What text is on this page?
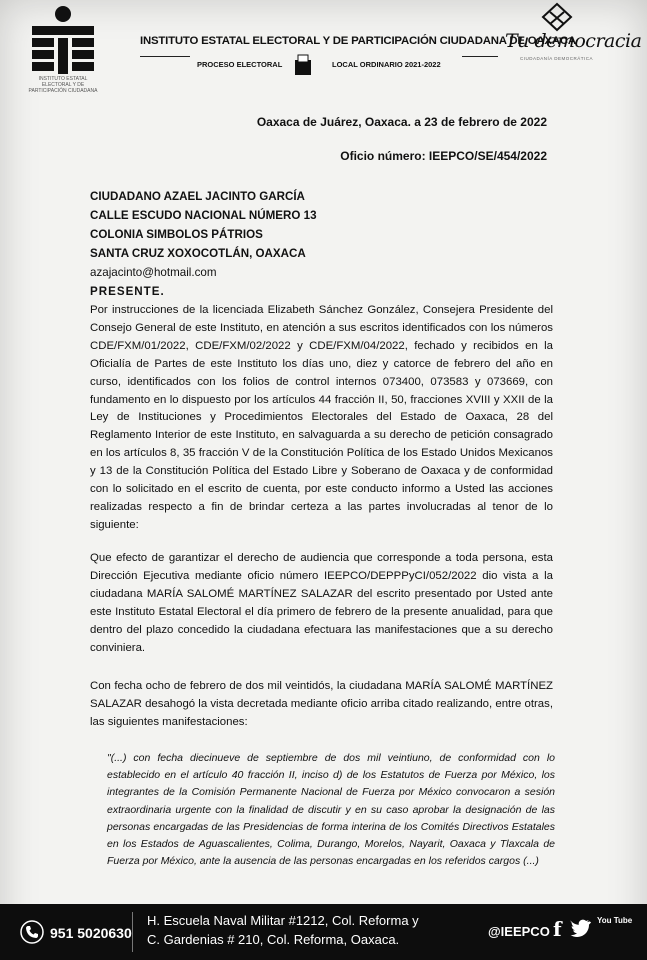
INSTITUTO ESTATAL ELECTORAL Y DE PARTICIPACIÓN CIUDADANA
INSTITUTO ESTATAL ELECTORAL Y DE PARTICIPACIÓN CIUDADANA DE OAXACA
PROCESO ELECTORAL	LOCAL ORDINARIO 2021-2022
Tu democracia
CIUDADANÍA DEMOCRÁTICA
Oaxaca de Juárez, Oaxaca. a 23 de febrero de 2022
Oficio número: IEEPCO/SE/454/2022
CIUDADANO AZAEL JACINTO GARCÍA
CALLE ESCUDO NACIONAL NÚMERO 13
COLONIA SIMBOLOS PÁTRIOS
SANTA CRUZ XOXOCOTLÁN, OAXACA
azajacinto@hotmail.com
PRESENTE.
Por instrucciones de la licenciada Elizabeth Sánchez González, Consejera Presidente del Consejo General de este Instituto, en atención a sus escritos identificados con los números CDE/FXM/01/2022, CDE/FXM/02/2022 y CDE/FXM/04/2022, fechado y recibidos en la Oficialía de Partes de este Instituto los días uno, diez y catorce de febrero del año en curso, identificados con los folios de control internos 073400, 073583 y 073669, con fundamento en lo dispuesto por los artículos 44 fracción II, 50, fracciones XVIII y XXII de la Ley de Instituciones y Procedimientos Electorales del Estado de Oaxaca, 28 del Reglamento Interior de este Instituto, en salvaguarda a su derecho de petición consagrado en los artículos 8, 35 fracción V de la Constitución Política de los Estado Unidos Mexicanos y 13 de la Constitución Política del Estado Libre y Soberano de Oaxaca y de conformidad con lo solicitado en el escrito de cuenta, por este conducto informo a Usted las acciones realizadas respecto a fin de brindar certeza a las partes involucradas al tenor de lo siguiente:
Que efecto de garantizar el derecho de audiencia que corresponde a toda persona, esta Dirección Ejecutiva mediante oficio número IEEPCO/DEPPPyCI/052/2022 dio vista a la ciudadana MARÍA SALOMÉ MARTÍNEZ SALAZAR del escrito presentado por Usted ante este Instituto Estatal Electoral el día primero de febrero de la presente anualidad, para que dentro del plazo concedido la ciudadana efectuara las manifestaciones que a su derecho conviniera.
Con fecha ocho de febrero de dos mil veintidós, la ciudadana MARÍA SALOMÉ MARTÍNEZ SALAZAR desahogó la vista decretada mediante oficio arriba citado realizando, entre otras, las siguientes manifestaciones:
"(...) con fecha diecinueve de septiembre de dos mil veintiuno, de conformidad con lo establecido en el artículo 40 fracción II, inciso d) de los Estatutos de Fuerza por México, los integrantes de la Comisión Permanente Nacional de Fuerza por México convocaron a sesión extraordinaria urgente con la finalidad de discutir y en su caso aprobar la designación de las personas encargadas de las Presidencias de forma interina de los Comités Directivos Estatales en los Estados de Aguascalientes, Colima, Durango, Morelos, Nayarit, Oaxaca y Tlaxcala de Fuerza por México, ante la ausencia de las personas encargadas en los referidos cargos (...)
951 5020630
H. Escuela Naval Militar #1212, Col. Reforma y
C. Gardenias # 210, Col. Reforma, Oaxaca.
@IEEPCO f	You Tube
